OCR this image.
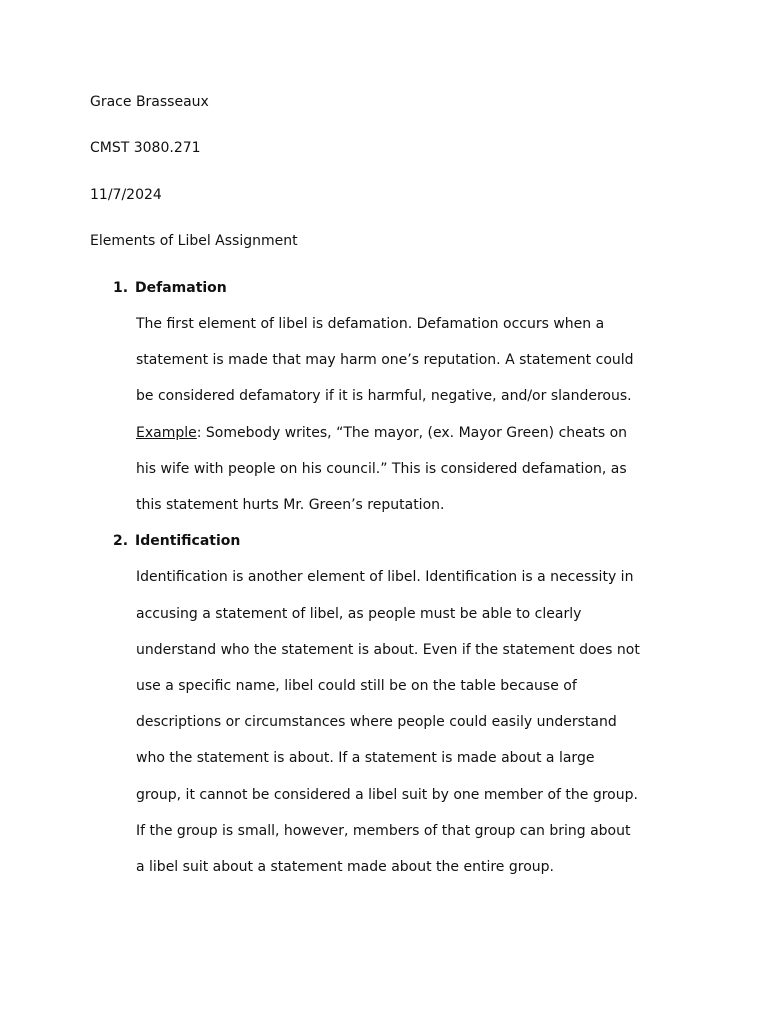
Grace Brasseaux
CMST 3080.271
11/7/2024
Elements of Libel Assignment
1. Defamation
The first element of libel is defamation. Defamation occurs when a
statement is made that may harm one’s reputation. A statement could
be considered defamatory if it is harmful, negative, and/or slanderous.
Example: Somebody writes, “The mayor, (ex. Mayor Green) cheats on
his wife with people on his council.” This is considered defamation, as
this statement hurts Mr. Green’s reputation.
2. Identification
Identification is another element of libel. Identification is a necessity in
accusing a statement of libel, as people must be able to clearly
understand who the statement is about. Even if the statement does not
use a specific name, libel could still be on the table because of
descriptions or circumstances where people could easily understand
who the statement is about. If a statement is made about a large
group, it cannot be considered a libel suit by one member of the group.
If the group is small, however, members of that group can bring about
a libel suit about a statement made about the entire group.
